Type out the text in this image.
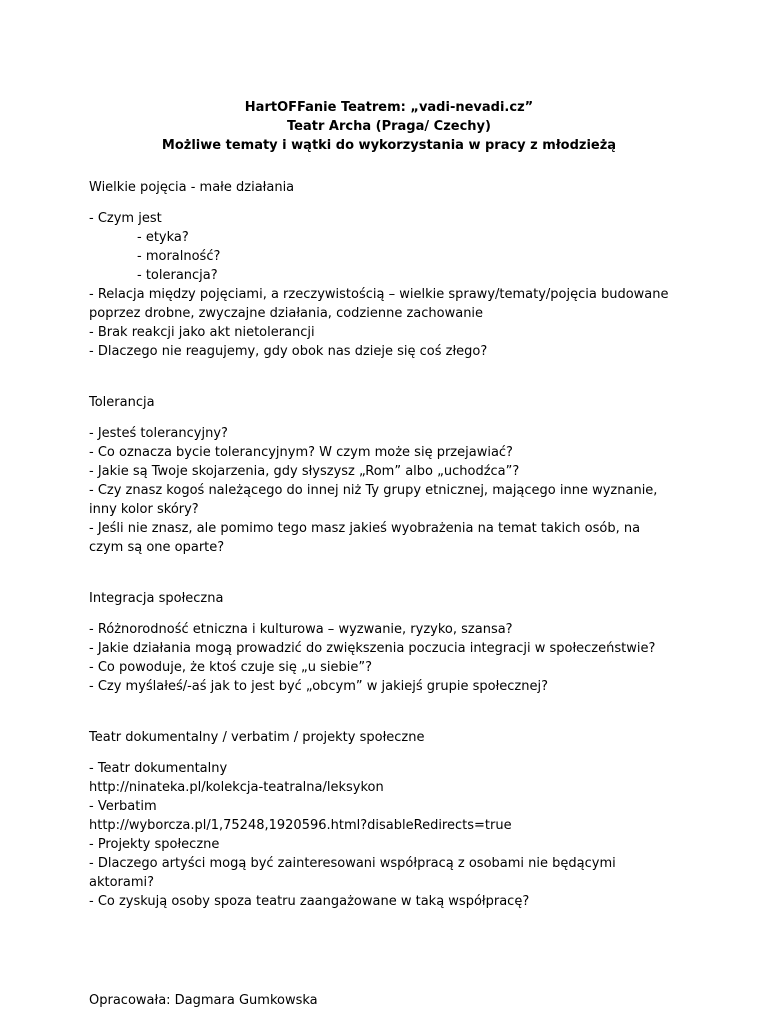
HartOFFanie Teatrem: „vadi-nevadi.cz”
Teatr Archa (Praga/ Czechy)
Możliwe tematy i wątki do wykorzystania w pracy z młodzieżą
Wielkie pojęcia - małe działania
- Czym jest
- etyka?
- moralność?
- tolerancja?
- Relacja między pojęciami, a rzeczywistością – wielkie sprawy/tematy/pojęcia budowane
poprzez drobne, zwyczajne działania, codzienne zachowanie
- Brak reakcji jako akt nietolerancji
- Dlaczego nie reagujemy, gdy obok nas dzieje się coś złego?
Tolerancja
- Jesteś tolerancyjny?
- Co oznacza bycie tolerancyjnym? W czym może się przejawiać?
- Jakie są Twoje skojarzenia, gdy słyszysz „Rom” albo „uchodźca”?
- Czy znasz kogoś należącego do innej niż Ty grupy etnicznej, mającego inne wyznanie,
inny kolor skóry?
- Jeśli nie znasz, ale pomimo tego masz jakieś wyobrażenia na temat takich osób, na
czym są one oparte?
Integracja społeczna
- Różnorodność etniczna i kulturowa – wyzwanie, ryzyko, szansa?
- Jakie działania mogą prowadzić do zwiększenia poczucia integracji w społeczeństwie?
- Co powoduje, że ktoś czuje się „u siebie”?
- Czy myślałeś/-aś jak to jest być „obcym” w jakiejś grupie społecznej?
Teatr dokumentalny / verbatim / projekty społeczne
- Teatr dokumentalny
http://ninateka.pl/kolekcja-teatralna/leksykon
- Verbatim
http://wyborcza.pl/1,75248,1920596.html?disableRedirects=true
- Projekty społeczne
- Dlaczego artyści mogą być zainteresowani współpracą z osobami nie będącymi
aktorami?
- Co zyskują osoby spoza teatru zaangażowane w taką współpracę?
Opracowała: Dagmara Gumkowska
